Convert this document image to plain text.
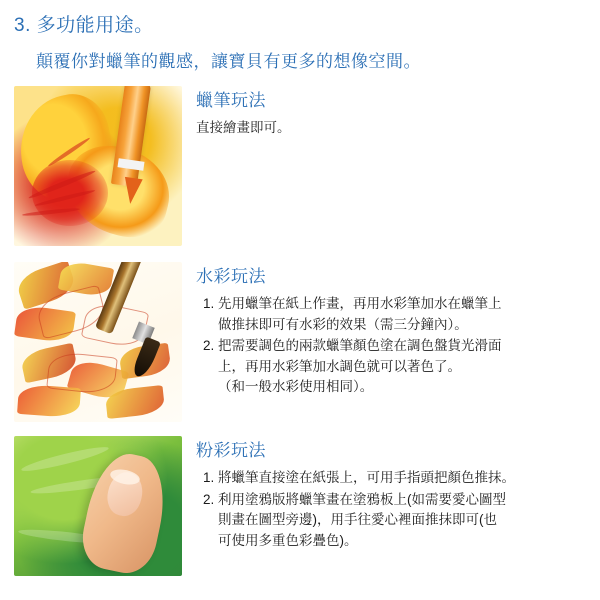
3. 多功能用途。
顛覆你對蠟筆的觀感，讓寶貝有更多的想像空間。
蠟筆玩法
直接繪畫即可。
水彩玩法
1. 先用蠟筆在紙上作畫，再用水彩筆加水在蠟筆上
做推抹即可有水彩的效果（需三分鐘內）。
2. 把需要調色的兩款蠟筆顏色塗在調色盤貨光滑面
上，再用水彩筆加水調色就可以著色了。
（和一般水彩使用相同）。
粉彩玩法
1. 將蠟筆直接塗在紙張上，可用手指頭把顏色推抹。
2. 利用塗鴉版將蠟筆畫在塗鴉板上(如需要愛心圖型
則畫在圖型旁邊)，用手往愛心裡面推抹即可(也
可使用多重色彩疊色)。
